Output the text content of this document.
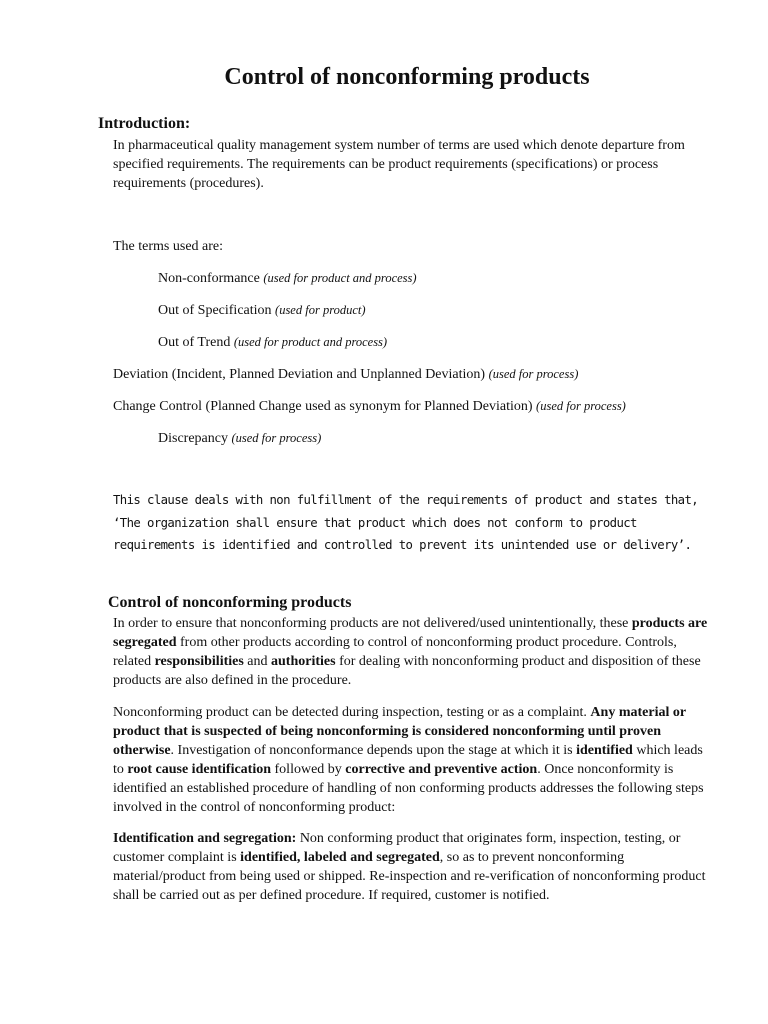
Control of nonconforming products
Introduction:
In pharmaceutical quality management system number of terms are used which denote departure from specified requirements. The requirements can be product requirements (specifications) or process requirements (procedures).
The terms used are:
Non-conformance (used for product and process)
Out of Specification (used for product)
Out of Trend (used for product and process)
Deviation (Incident, Planned Deviation and Unplanned Deviation) (used for process)
Change Control (Planned Change used as synonym for Planned Deviation) (used for process)
Discrepancy (used for process)
This clause deals with non fulfillment of the requirements of product and states that, ‘The organization shall ensure that product which does not conform to product requirements is identified and controlled to prevent its unintended use or delivery’.
Control of nonconforming products
In order to ensure that nonconforming products are not delivered/used unintentionally, these products are segregated from other products according to control of nonconforming product procedure. Controls, related responsibilities and authorities for dealing with nonconforming product and disposition of these products are also defined in the procedure.
Nonconforming product can be detected during inspection, testing or as a complaint. Any material or product that is suspected of being nonconforming is considered nonconforming until proven otherwise. Investigation of nonconformance depends upon the stage at which it is identified which leads to root cause identification followed by corrective and preventive action. Once nonconformity is identified an established procedure of handling of non conforming products addresses the following steps involved in the control of nonconforming product:
Identification and segregation: Non conforming product that originates form, inspection, testing, or customer complaint is identified, labeled and segregated, so as to prevent nonconforming material/product from being used or shipped. Re-inspection and re-verification of nonconforming product shall be carried out as per defined procedure. If required, customer is notified.
